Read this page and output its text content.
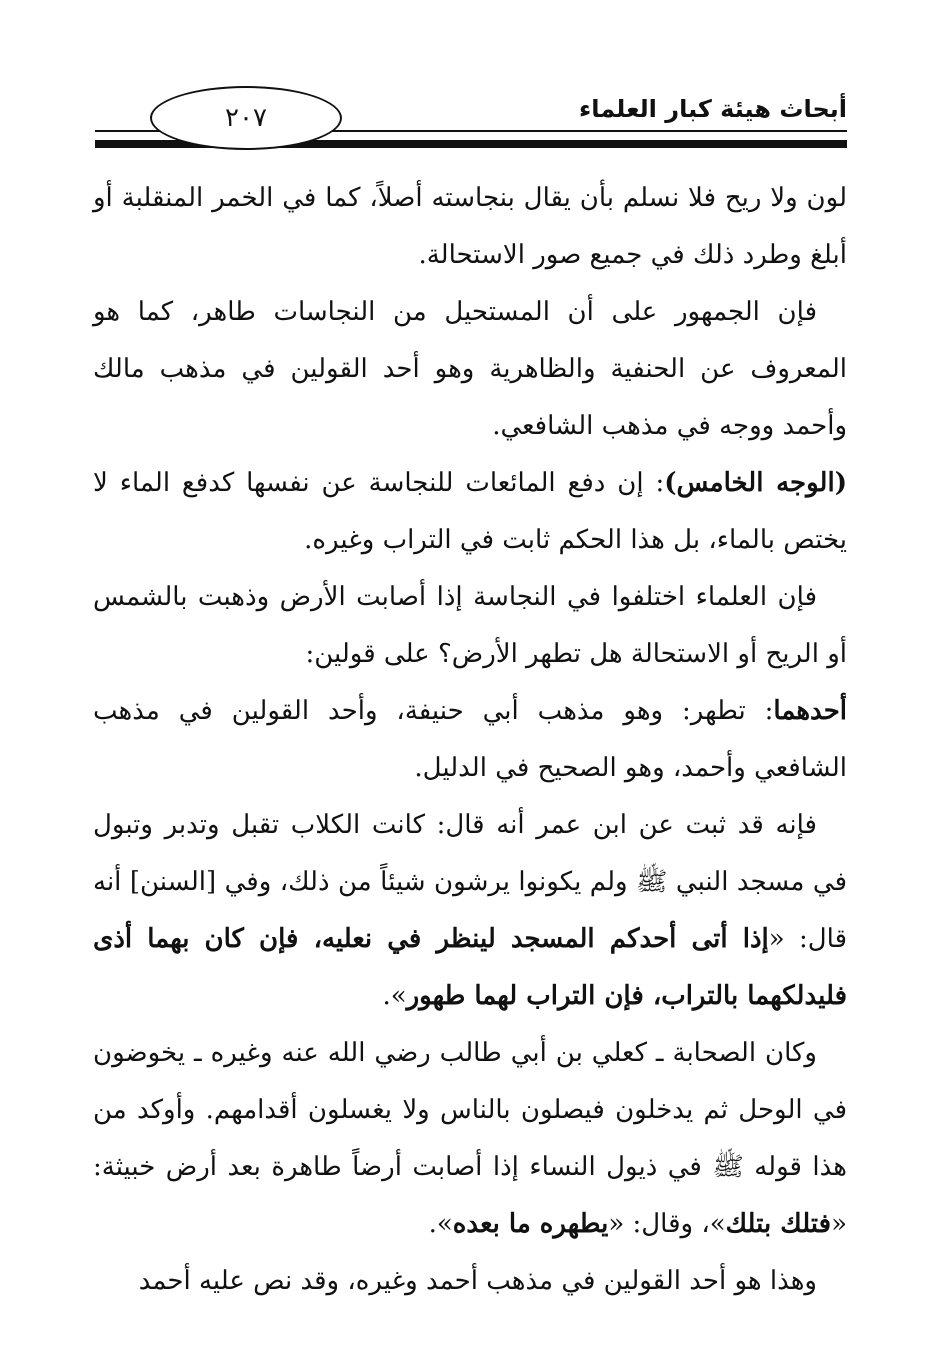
أبحاث هيئة كبار العلماء
٢٠٧

لون ولا ريح فلا نسلم بأن يقال بنجاسته أصلاً، كما في الخمر المنقلبة أو أبلغ وطرد ذلك في جميع صور الاستحالة.

فإن الجمهور على أن المستحيل من النجاسات طاهر، كما هو المعروف عن الحنفية والظاهرية وهو أحد القولين في مذهب مالك وأحمد ووجه في مذهب الشافعي.

(الوجه الخامس): إن دفع المائعات للنجاسة عن نفسها كدفع الماء لا يختص بالماء، بل هذا الحكم ثابت في التراب وغيره.

فإن العلماء اختلفوا في النجاسة إذا أصابت الأرض وذهبت بالشمس أو الريح أو الاستحالة هل تطهر الأرض؟ على قولين:

أحدهما: تطهر: وهو مذهب أبي حنيفة، وأحد القولين في مذهب الشافعي وأحمد، وهو الصحيح في الدليل.

فإنه قد ثبت عن ابن عمر أنه قال: كانت الكلاب تقبل وتدبر وتبول في مسجد النبي ﷺ ولم يكونوا يرشون شيئاً من ذلك، وفي [السنن] أنه قال: «إذا أتى أحدكم المسجد لينظر في نعليه، فإن كان بهما أذى فليدلكهما بالتراب، فإن التراب لهما طهور».

وكان الصحابة ـ كعلي بن أبي طالب رضي الله عنه وغيره ـ يخوضون في الوحل ثم يدخلون فيصلون بالناس ولا يغسلون أقدامهم. وأوكد من هذا قوله ﷺ في ذيول النساء إذا أصابت أرضاً طاهرة بعد أرض خبيثة: «فتلك بتلك»، وقال: «يطهره ما بعده».

وهذا هو أحد القولين في مذهب أحمد وغيره، وقد نص عليه أحمد
